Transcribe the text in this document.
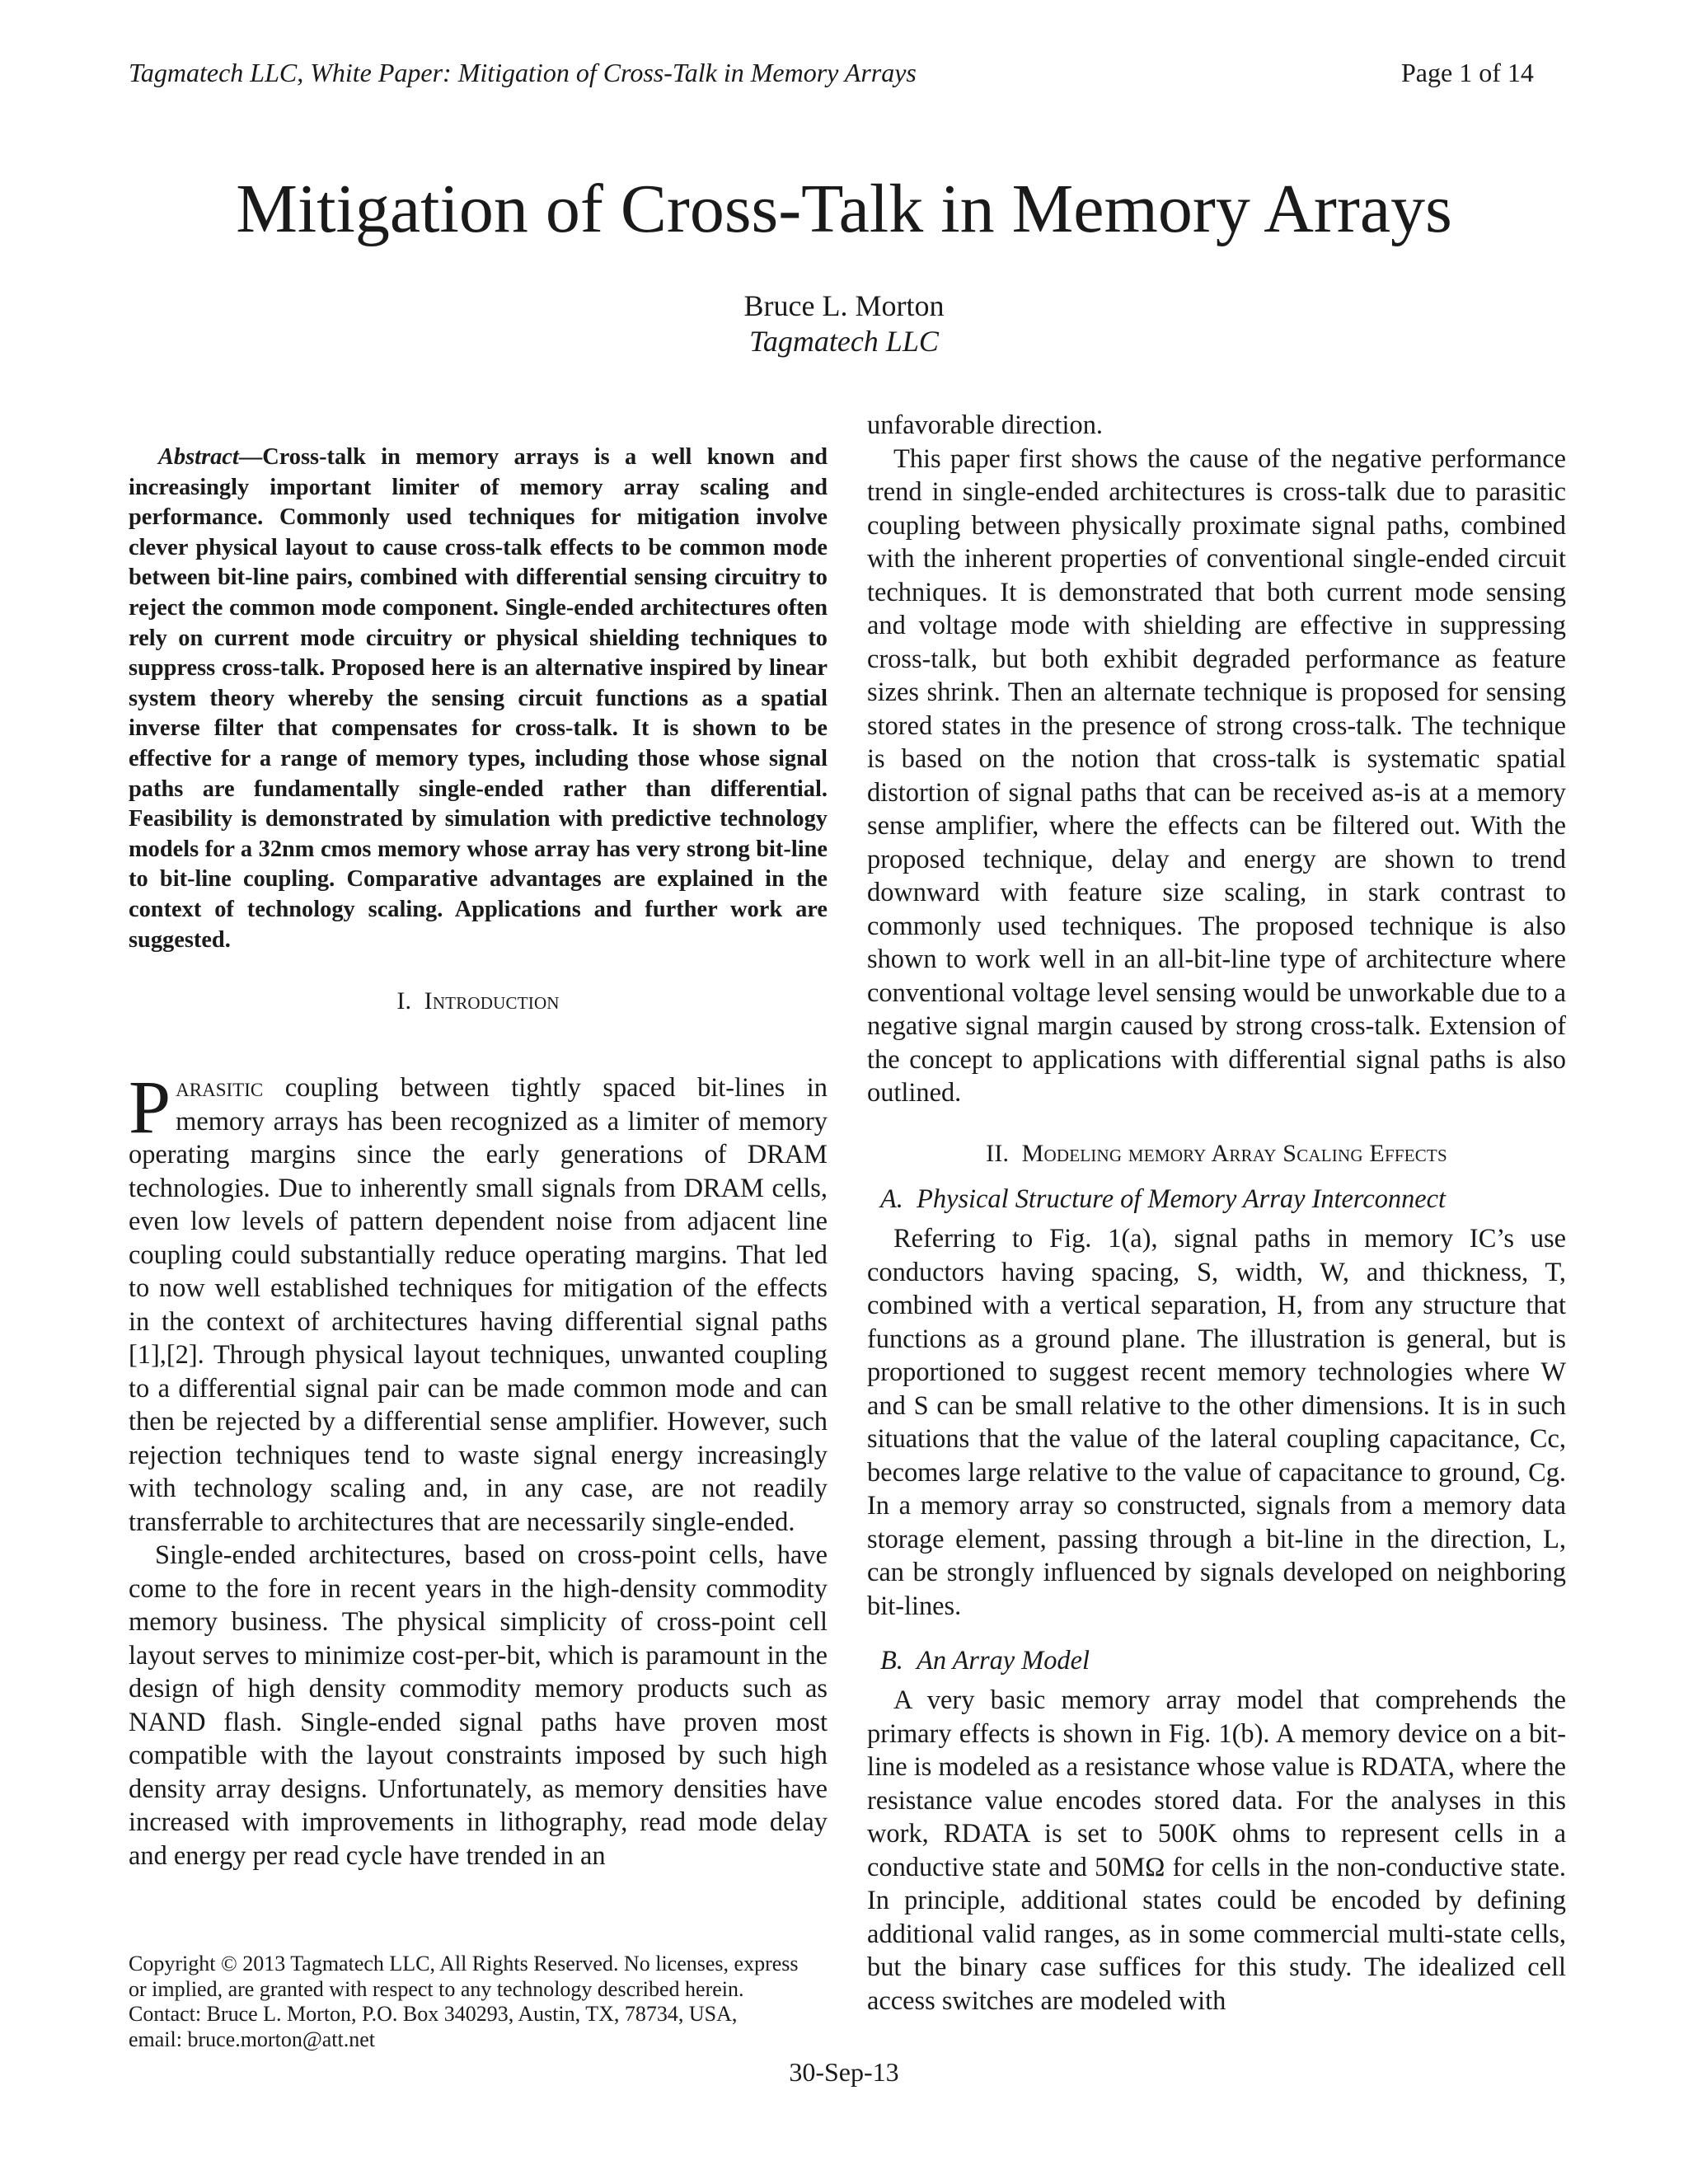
Tagmatech LLC, White Paper: Mitigation of Cross-Talk in Memory Arrays	Page 1 of 14
Mitigation of Cross-Talk in Memory Arrays
Bruce L. Morton
Tagmatech LLC
Abstract—Cross-talk in memory arrays is a well known and increasingly important limiter of memory array scaling and performance. Commonly used techniques for mitigation involve clever physical layout to cause cross-talk effects to be common mode between bit-line pairs, combined with differential sensing circuitry to reject the common mode component. Single-ended architectures often rely on current mode circuitry or physical shielding techniques to suppress cross-talk. Proposed here is an alternative inspired by linear system theory whereby the sensing circuit functions as a spatial inverse filter that compensates for cross-talk. It is shown to be effective for a range of memory types, including those whose signal paths are fundamentally single-ended rather than differential. Feasibility is demonstrated by simulation with predictive technology models for a 32nm cmos memory whose array has very strong bit-line to bit-line coupling. Comparative advantages are explained in the context of technology scaling. Applications and further work are suggested.
I. Introduction

Parasitic coupling between tightly spaced bit-lines in memory arrays has been recognized as a limiter of memory operating margins since the early generations of DRAM technologies. Due to inherently small signals from DRAM cells, even low levels of pattern dependent noise from adjacent line coupling could substantially reduce operating margins. That led to now well established techniques for mitigation of the effects in the context of architectures having differential signal paths [1],[2]. Through physical layout techniques, unwanted coupling to a differential signal pair can be made common mode and can then be rejected by a differential sense amplifier. However, such rejection techniques tend to waste signal energy increasingly with technology scaling and, in any case, are not readily transferrable to architectures that are necessarily single-ended.

Single-ended architectures, based on cross-point cells, have come to the fore in recent years in the high-density commodity memory business. The physical simplicity of cross-point cell layout serves to minimize cost-per-bit, which is paramount in the design of high density commodity memory products such as NAND flash. Single-ended signal paths have proven most compatible with the layout constraints imposed by such high density array designs. Unfortunately, as memory densities have increased with improvements in lithography, read mode delay and energy per read cycle have trended in an

Copyright © 2013 Tagmatech LLC, All Rights Reserved. No licenses, express
or implied, are granted with respect to any technology described herein.
Contact: Bruce L. Morton, P.O. Box 340293, Austin, TX, 78734, USA,
email: bruce.morton@att.net

unfavorable direction.

This paper first shows the cause of the negative performance trend in single-ended architectures is cross-talk due to parasitic coupling between physically proximate signal paths, combined with the inherent properties of conventional single-ended circuit techniques. It is demonstrated that both current mode sensing and voltage mode with shielding are effective in suppressing cross-talk, but both exhibit degraded performance as feature sizes shrink. Then an alternate technique is proposed for sensing stored states in the presence of strong cross-talk. The technique is based on the notion that cross-talk is systematic spatial distortion of signal paths that can be received as-is at a memory sense amplifier, where the effects can be filtered out. With the proposed technique, delay and energy are shown to trend downward with feature size scaling, in stark contrast to commonly used techniques. The proposed technique is also shown to work well in an all-bit-line type of architecture where conventional voltage level sensing would be unworkable due to a negative signal margin caused by strong cross-talk. Extension of the concept to applications with differential signal paths is also outlined.

II. Modeling memory Array Scaling Effects
A. Physical Structure of Memory Array Interconnect

Referring to Fig. 1(a), signal paths in memory IC’s use conductors having spacing, S, width, W, and thickness, T, combined with a vertical separation, H, from any structure that functions as a ground plane. The illustration is general, but is proportioned to suggest recent memory technologies where W and S can be small relative to the other dimensions. It is in such situations that the value of the lateral coupling capacitance, Cc, becomes large relative to the value of capacitance to ground, Cg. In a memory array so constructed, signals from a memory data storage element, passing through a bit-line in the direction, L, can be strongly influenced by signals developed on neighboring bit-lines.

B. An Array Model

A very basic memory array model that comprehends the primary effects is shown in Fig. 1(b). A memory device on a bit-line is modeled as a resistance whose value is RDATA, where the resistance value encodes stored data. For the analyses in this work, RDATA is set to 500K ohms to represent cells in a conductive state and 50MΩ for cells in the non-conductive state. In principle, additional states could be encoded by defining additional valid ranges, as in some commercial multi-state cells, but the binary case suffices for this study. The idealized cell access switches are modeled with

30-Sep-13
